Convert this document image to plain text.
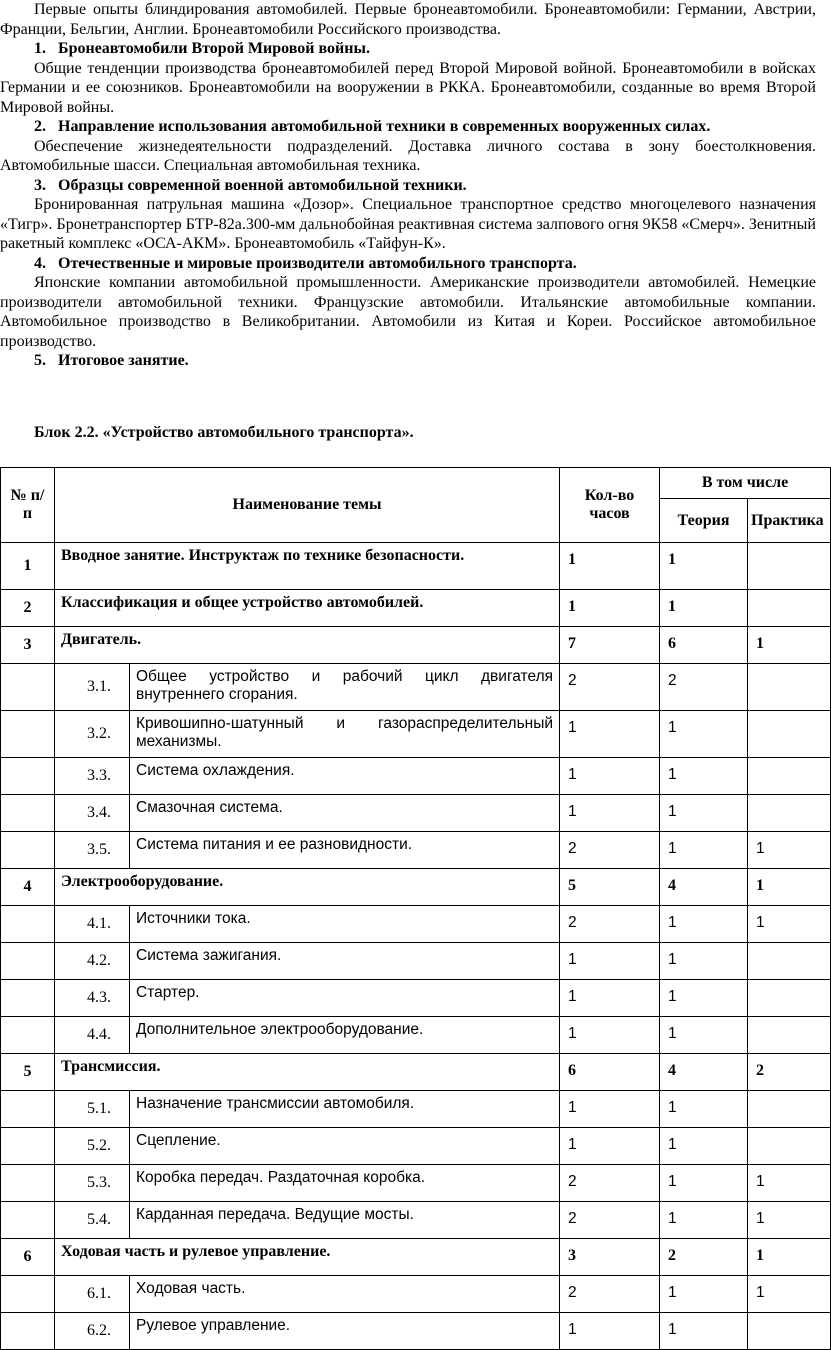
Первые опыты блиндирования автомобилей. Первые бронеавтомобили. Бронеавтомобили: Германии, Австрии, Франции, Бельгии, Англии. Бронеавтомобили Российского производства.

1. Бронеавтомобили Второй Мировой войны.

Общие тенденции производства бронеавтомобилей перед Второй Мировой войной. Бронеавтомобили в войсках Германии и ее союзников. Бронеавтомобили на вооружении в РККА. Бронеавтомобили, созданные во время Второй Мировой войны.

2. Направление использования автомобильной техники в современных вооруженных силах.

Обеспечение жизнедеятельности подразделений. Доставка личного состава в зону боестолкновения. Автомобильные шасси. Специальная автомобильная техника.

3. Образцы современной военной автомобильной техники.

Бронированная патрульная машина «Дозор». Специальное транспортное средство многоцелевого назначения «Тигр». Бронетранспортер БТР-82а.300-мм дальнобойная реактивная система залпового огня 9К58 «Смерч». Зенитный ракетный комплекс «ОСА-АКМ». Бронеавтомобиль «Тайфун-К».

4. Отечественные и мировые производители автомобильного транспорта.

Японские компании автомобильной промышленности. Американские производители автомобилей. Немецкие производители автомобильной техники. Французские автомобили. Итальянские автомобильные компании. Автомобильное производство в Великобритании. Автомобили из Китая и Кореи. Российское автомобильное производство.

5. Итоговое занятие.

Блок 2.2. «Устройство автомобильного транспорта».
№ п/п	Наименование темы		Кол-во часов	В том числе	
				Теория	Практика
1	Вводное занятие. Инструктаж по технике безопасности.		1	1	
2	Классификация и общее устройство автомобилей.		1	1	
3	Двигатель.		7	6	1
	3.1.	Общее устройство и рабочий цикл двигателя внутреннего сгорания.	2	2	
	3.2.	Кривошипно-шатунный и газораспределительный механизмы.	1	1	
	3.3.	Система охлаждения.	1	1	
	3.4.	Смазочная система.	1	1	
	3.5.	Система питания и ее разновидности.	2	1	1
4	Электрооборудование.		5	4	1
	4.1.	Источники тока.	2	1	1
	4.2.	Система зажигания.	1	1	
	4.3.	Стартер.	1	1	
	4.4.	Дополнительное электрооборудование.	1	1	
5	Трансмиссия.		6	4	2
	5.1.	Назначение трансмиссии автомобиля.	1	1	
	5.2.	Сцепление.	1	1	
	5.3.	Коробка передач. Раздаточная коробка.	2	1	1
	5.4.	Карданная передача. Ведущие мосты.	2	1	1
6	Ходовая часть и рулевое управление.		3	2	1
	6.1.	Ходовая часть.	2	1	1
	6.2.	Рулевое управление.	1	1	
